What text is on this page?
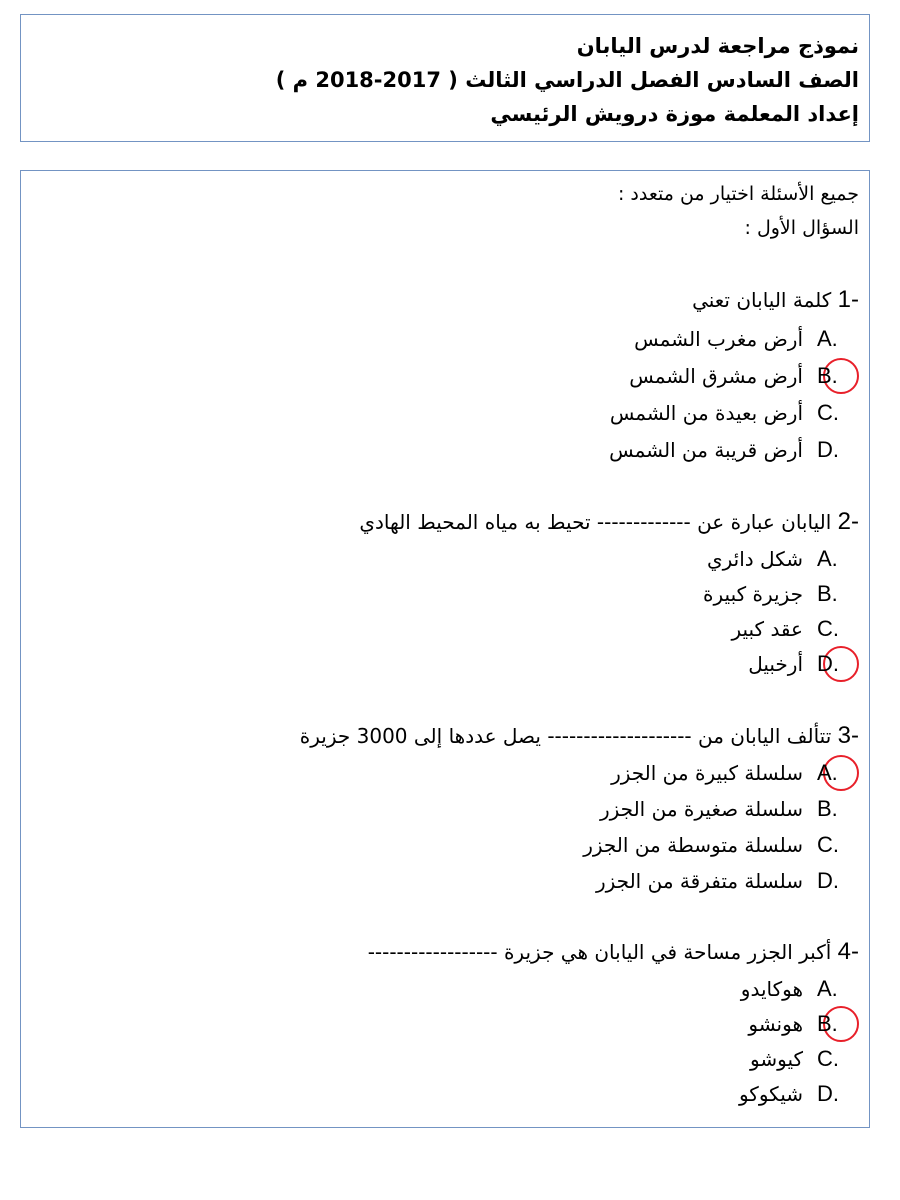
نموذج مراجعة لدرس اليابان
الصف السادس الفصل الدراسي الثالث ( 2017-2018 م )
إعداد المعلمة موزة درويش الرئيسي
جميع الأسئلة اختيار من متعدد :
السؤال الأول :
-1 كلمة اليابان تعني
A.
أرض مغرب الشمس
B.
أرض مشرق الشمس
C.
أرض بعيدة من الشمس
D.
أرض قريبة من الشمس
-2 اليابان عبارة عن ------------- تحيط به مياه المحيط الهادي
A.
شكل دائري
B.
جزيرة كبيرة
C.
عقد كبير
D.
أرخبيل
-3 تتألف اليابان من -------------------- يصل عددها إلى 3000 جزيرة
A.
سلسلة كبيرة من الجزر
B.
سلسلة صغيرة من الجزر
C.
سلسلة متوسطة من الجزر
D.
سلسلة متفرقة من الجزر
-4 أكبر الجزر مساحة في اليابان هي جزيرة ------------------
A.
هوكايدو
B.
هونشو
C.
كيوشو
D.
شيكوكو
